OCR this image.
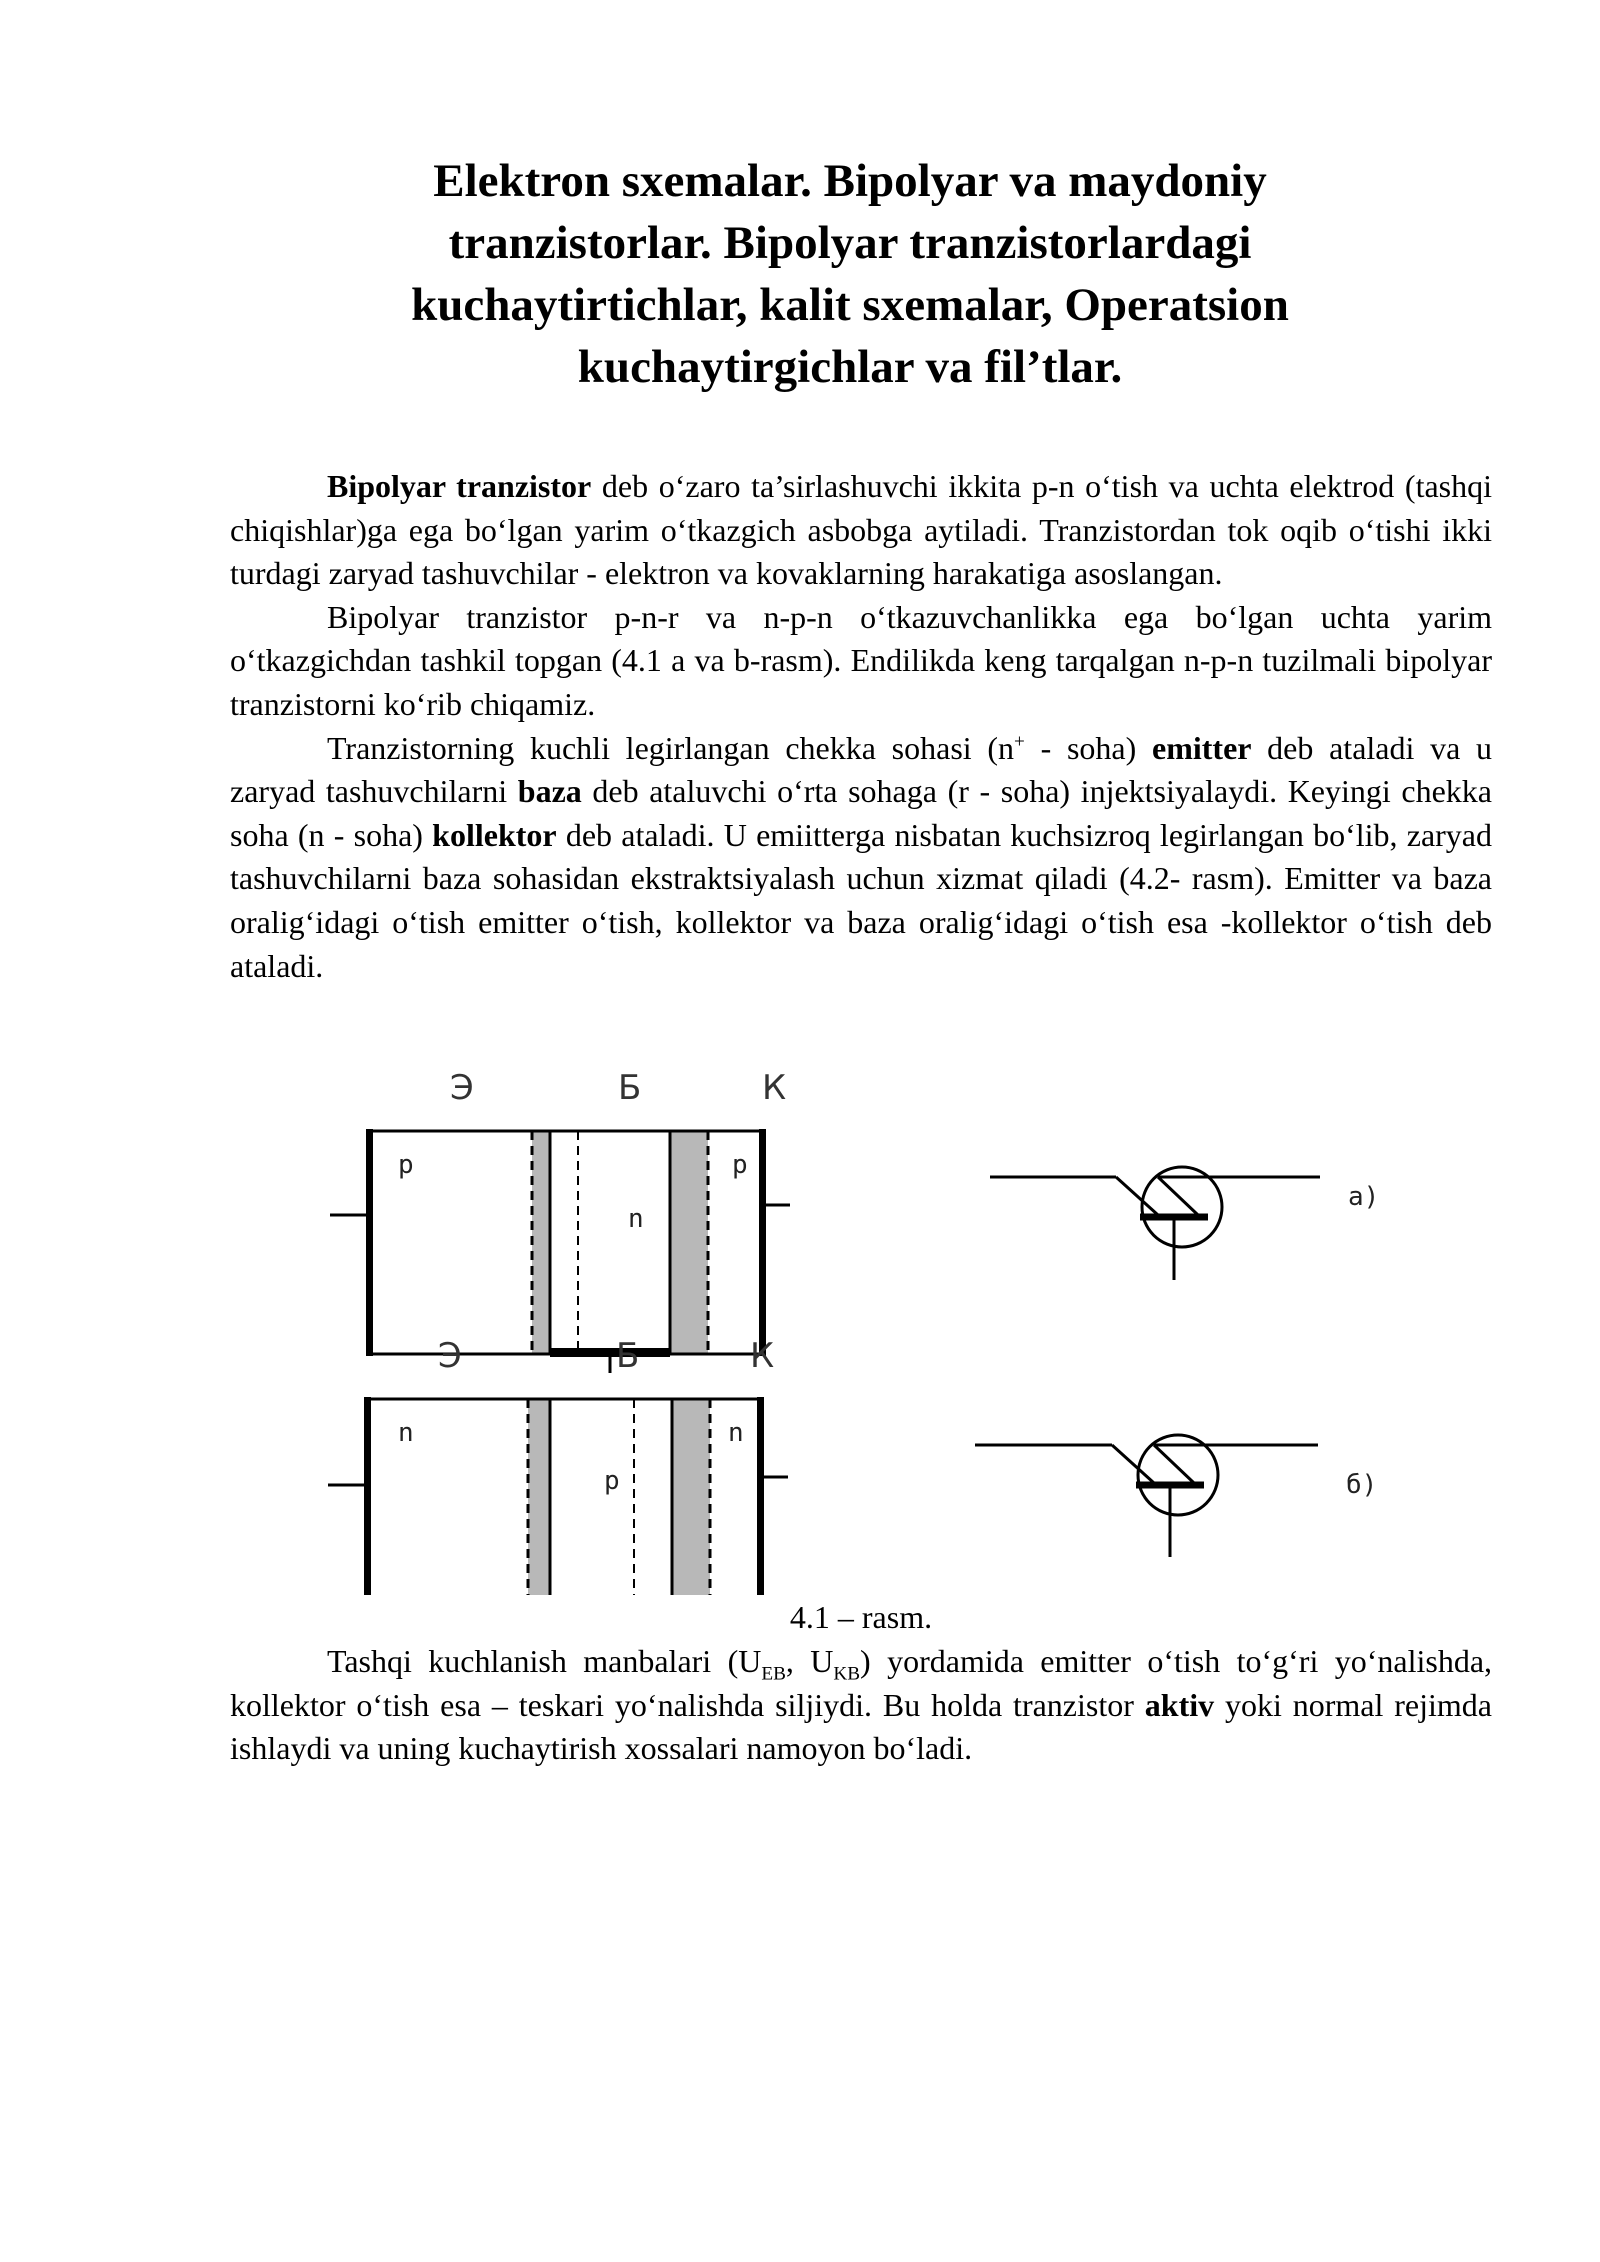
Elektron sxemalar. Bipolyar va maydoniy
tranzistorlar. Bipolyar tranzistorlardagi
kuchaytirtichlar, kalit sxemalar, Operatsion
kuchaytirgichlar va fil’tlar.

Bipolyar tranzistor deb o‘zaro ta’sirlashuvchi ikkita p-n o‘tish va uchta elektrod (tashqi chiqishlar)ga ega bo‘lgan yarim o‘tkazgich asbobga aytiladi. Tranzistordan tok oqib o‘tishi ikki turdagi zaryad tashuvchilar - elektron va kovaklarning harakatiga asoslangan.

Bipolyar tranzistor p-n-r va n-p-n o‘tkazuvchanlikka ega bo‘lgan uchta yarim o‘tkazgichdan tashkil topgan (4.1 a va b-rasm). Endilikda keng tarqalgan n-p-n tuzilmali bipolyar tranzistorni ko‘rib chiqamiz.

Tranzistorning kuchli legirlangan chekka sohasi (n+ - soha) emitter deb ataladi va u zaryad tashuvchilarni baza deb ataluvchi o‘rta sohaga (r - soha) injektsiyalaydi. Keyingi chekka soha (n - soha) kollektor deb ataladi. U emiitterga nisbatan kuchsizroq legirlangan bo‘lib, zaryad tashuvchilarni baza sohasidan ekstraktsiyalash uchun xizmat qiladi (4.2- rasm). Emitter va baza oralig‘idagi o‘tish emitter o‘tish, kollektor va baza oralig‘idagi o‘tish esa -kollektor o‘tish deb ataladi.

Э	Б	К
p
n
p
a)
Э	Б	К
n
p
n
б)
4.1 – rasm.

Tashqi kuchlanish manbalari ($U_{EB}$, $U_{KB}$) yordamida emitter o‘tish to‘g‘ri yo‘nalishda, kollektor o‘tish esa – teskari yo‘nalishda siljiydi. Bu holda tranzistor aktiv yoki normal rejimda ishlaydi va uning kuchaytirish xossalari namoyon bo‘ladi.
